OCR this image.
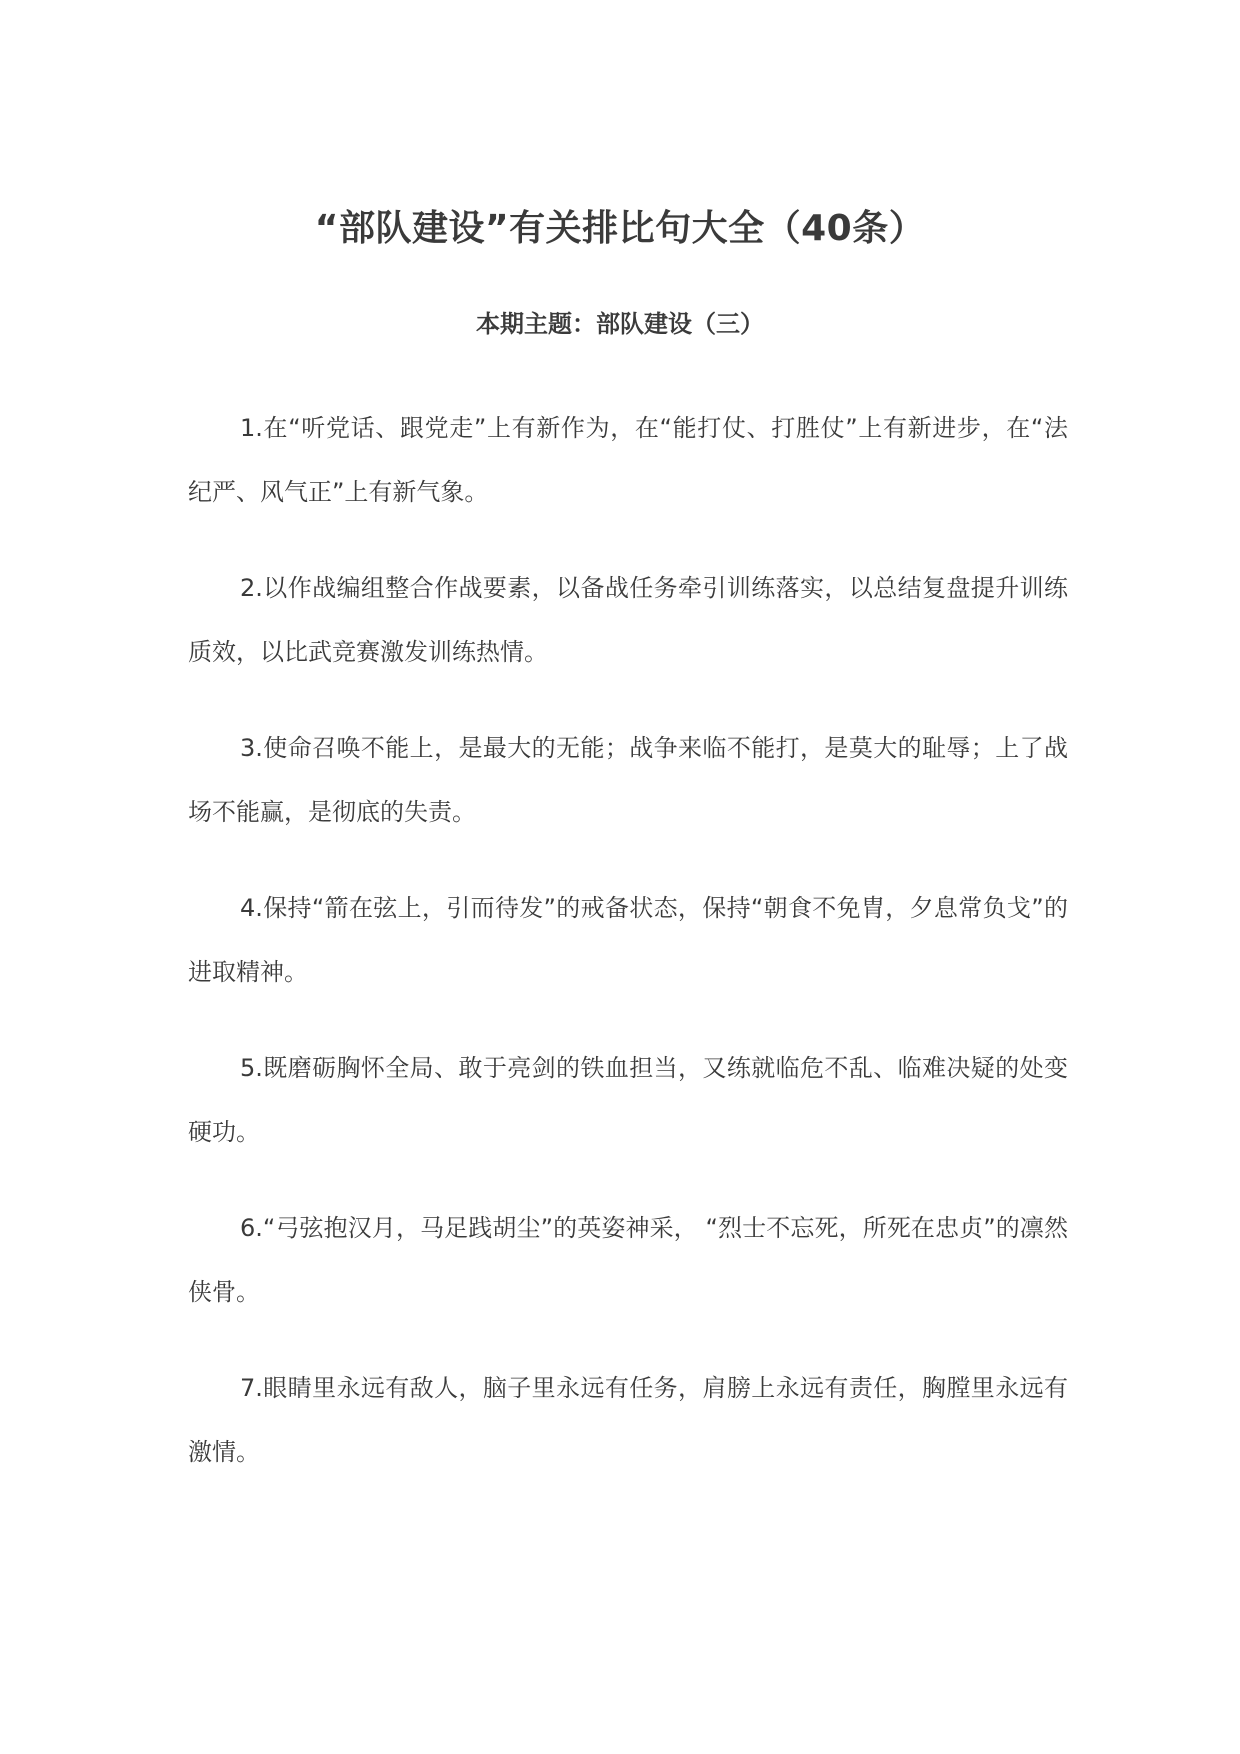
“部队建设”有关排比句大全（40条）
本期主题：部队建设（三）

1.在“听党话、跟党走”上有新作为，在“能打仗、打胜仗”上有新进步，在“法纪严、风气正”上有新气象。

2.以作战编组整合作战要素，以备战任务牵引训练落实，以总结复盘提升训练质效，以比武竞赛激发训练热情。

3.使命召唤不能上，是最大的无能；战争来临不能打，是莫大的耻辱；上了战场不能赢，是彻底的失责。

4.保持“箭在弦上，引而待发”的戒备状态，保持“朝食不免胄，夕息常负戈”的进取精神。

5.既磨砺胸怀全局、敢于亮剑的铁血担当，又练就临危不乱、临难决疑的处变硬功。

6.“弓弦抱汉月，马足践胡尘”的英姿神采， “烈士不忘死，所死在忠贞”的凛然侠骨。

7.眼睛里永远有敌人，脑子里永远有任务，肩膀上永远有责任，胸膛里永远有激情。
